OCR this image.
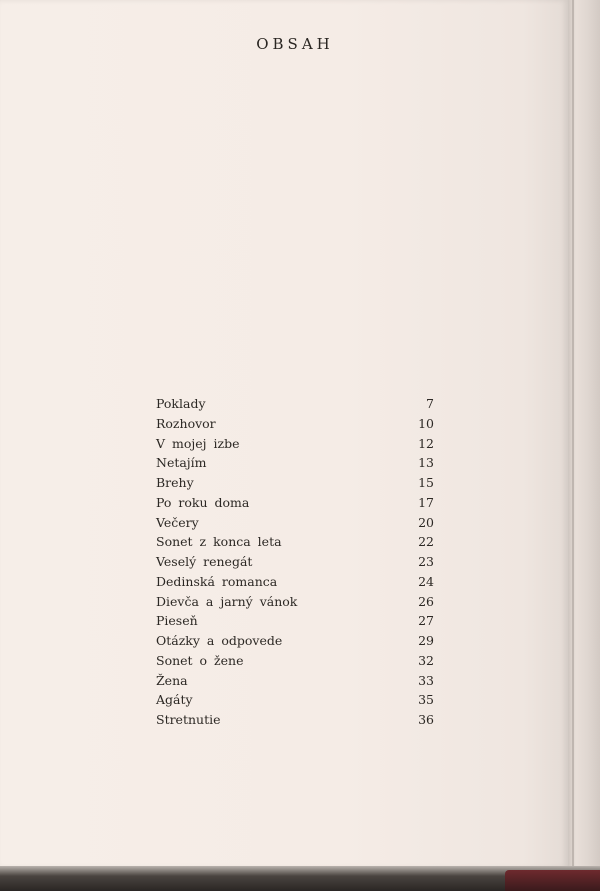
OBSAH
Poklady	7
Rozhovor	10
V mojej izbe	12
Netajím	13
Brehy	15
Po roku doma	17
Večery	20
Sonet z konca leta	22
Veselý renegát	23
Dedinská romanca	24
Dievča a jarný vánok	26
Pieseň	27
Otázky a odpovede	29
Sonet o žene	32
Žena	33
Agáty	35
Stretnutie	36
